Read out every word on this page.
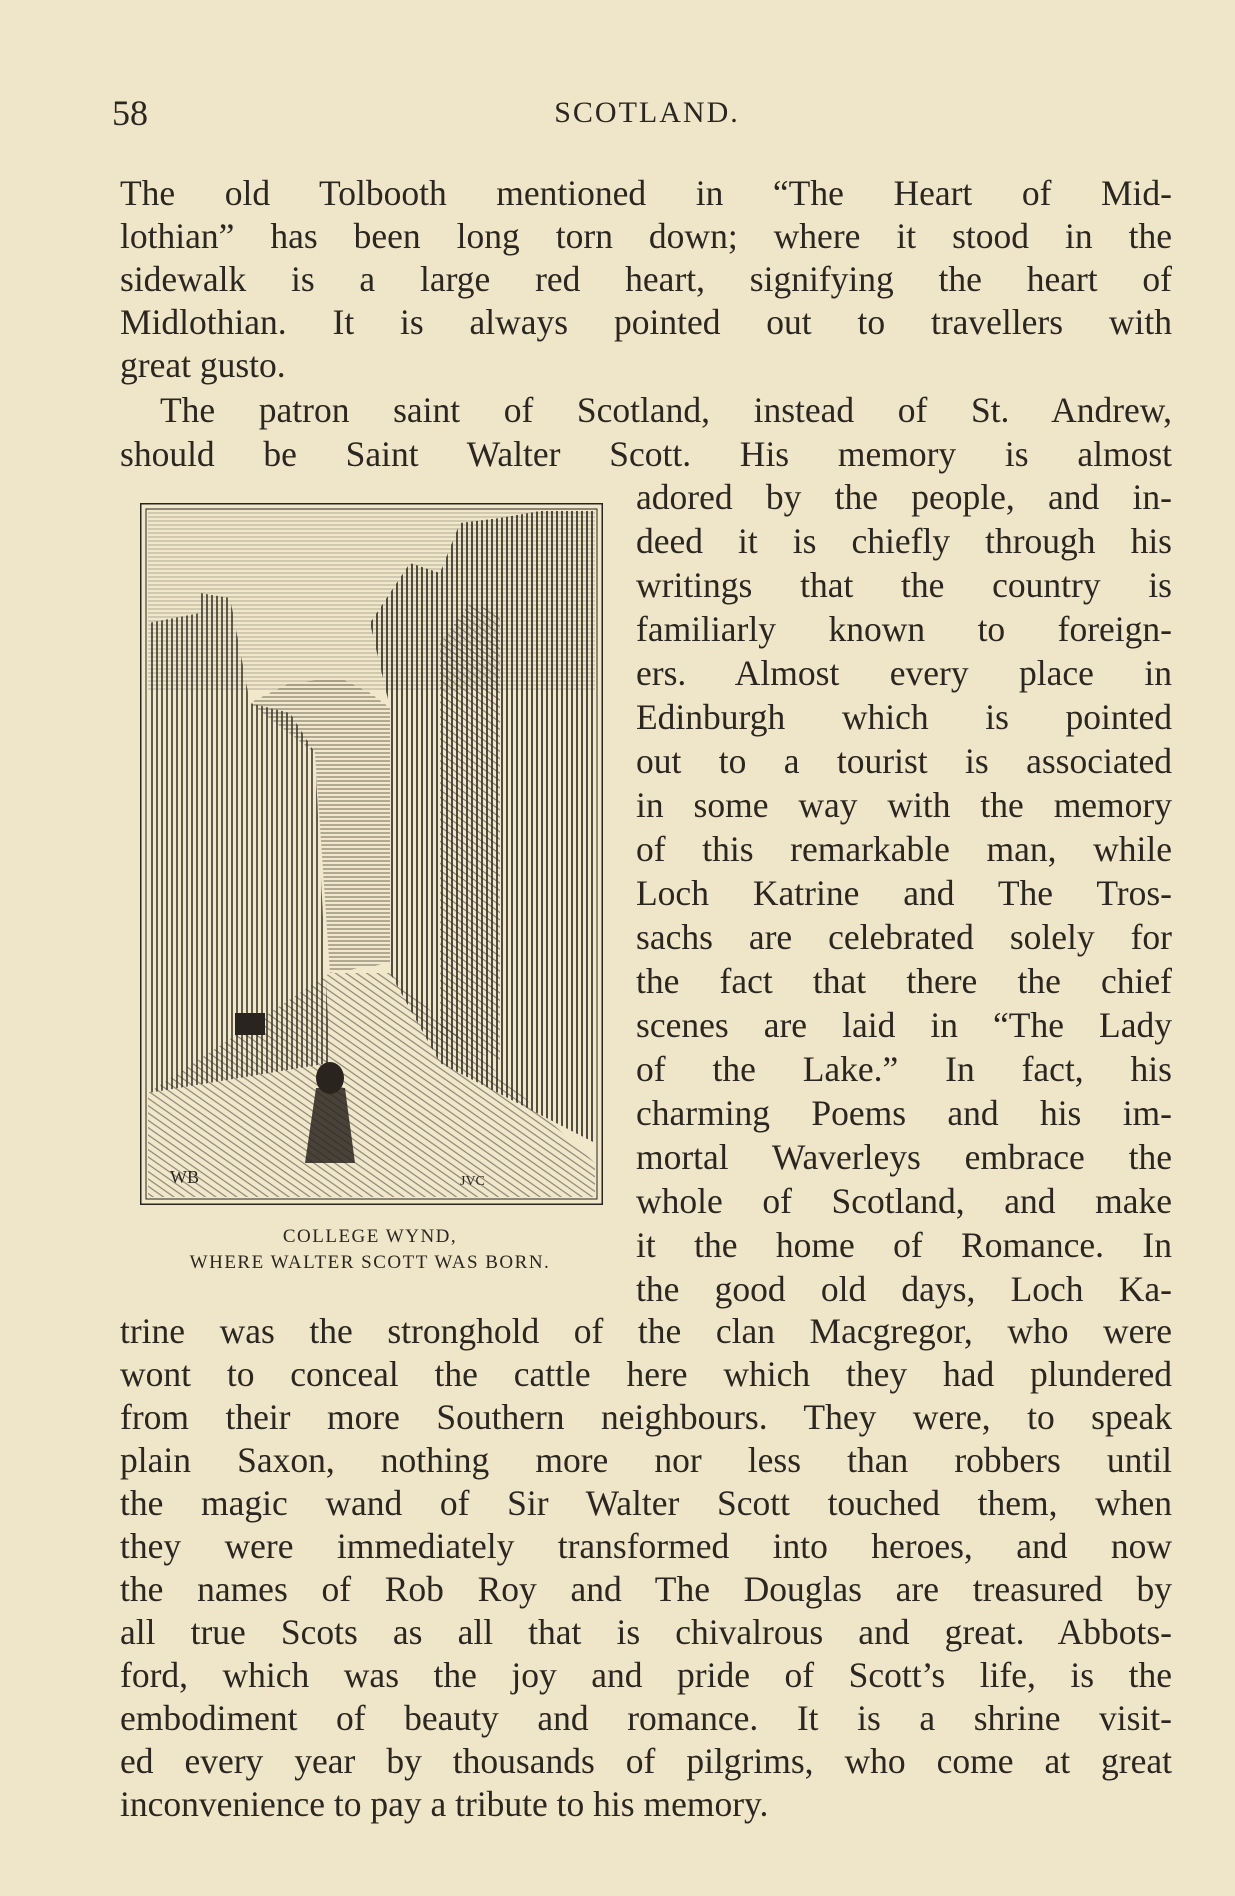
58	SCOTLAND.
The old Tolbooth mentioned in “The Heart of Mid-
lothian” has been long torn down; where it stood in the
sidewalk is a large red heart, signifying the heart of
Midlothian. It is always pointed out to travellers with
great gusto.
The patron saint of Scotland, instead of St. Andrew,
should be Saint Walter Scott. His memory is almost
WB	JVC
adored by the people, and in-
deed it is chiefly through his
writings that the country is
familiarly known to foreign-
ers. Almost every place in
Edinburgh which is pointed
out to a tourist is associated
in some way with the memory
of this remarkable man, while
Loch Katrine and The Tros-
sachs are celebrated solely for
the fact that there the chief
scenes are laid in “The Lady
of the Lake.” In fact, his
charming Poems and his im-
mortal Waverleys embrace the
whole of Scotland, and make
it the home of Romance. In
the good old days, Loch Ka-
COLLEGE WYND,
WHERE WALTER SCOTT WAS BORN.
trine was the stronghold of the clan Macgregor, who were
wont to conceal the cattle here which they had plundered
from their more Southern neighbours. They were, to speak
plain Saxon, nothing more nor less than robbers until
the magic wand of Sir Walter Scott touched them, when
they were immediately transformed into heroes, and now
the names of Rob Roy and The Douglas are treasured by
all true Scots as all that is chivalrous and great. Abbots-
ford, which was the joy and pride of Scott’s life, is the
embodiment of beauty and romance. It is a shrine visit-
ed every year by thousands of pilgrims, who come at great
inconvenience to pay a tribute to his memory.
